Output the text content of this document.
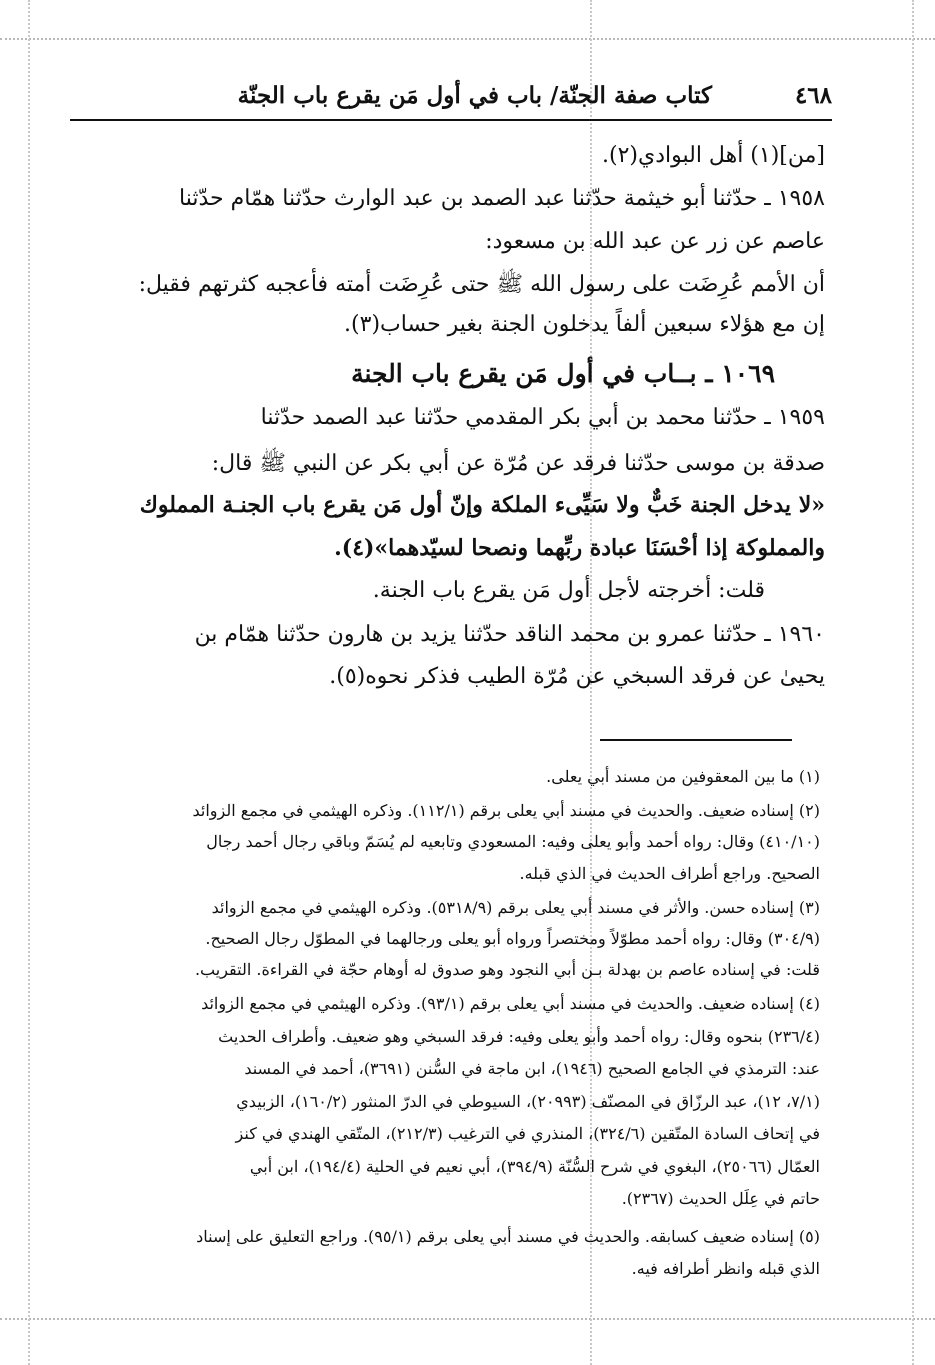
كتاب صفة الجنّة/ باب في أول مَن يقرع باب الجنّة	٤٦٨
[من](١) أهل البوادي(٢).
١٩٥٨ ـ حدّثنا أبو خيثمة حدّثنا عبد الصمد بن عبد الوارث حدّثنا همّام حدّثنا
عاصم عن زر عن عبد الله بن مسعود:
أن الأمم عُرِضَت على رسول الله ﷺ حتى عُرِضَت أمته فأعجبه كثرتهم فقيل:
إن مع هؤلاء سبعين ألفاً يدخلون الجنة بغير حساب(٣).
١٠٦٩ ـ بــاب في أول مَن يقرع باب الجنة
١٩٥٩ ـ حدّثنا محمد بن أبي بكر المقدمي حدّثنا عبد الصمد حدّثنا
صدقة بن موسى حدّثنا فرقد عن مُرّة عن أبي بكر عن النبي ﷺ قال:
«لا يدخل الجنة خَبٌّ ولا سَيِّىء الملكة وإنّ أول مَن يقرع باب الجنـة المملوك
والمملوكة إذا أحْسَنَا عبادة ربِّهما ونصحا لسيّدهما»(٤).
قلت: أخرجته لأجل أول مَن يقرع باب الجنة.
١٩٦٠ ـ حدّثنا عمرو بن محمد الناقد حدّثنا يزيد بن هارون حدّثنا همّام بن
يحيىٰ عن فرقد السبخي عن مُرّة الطيب فذكر نحوه(٥).
(١) ما بين المعقوفين من مسند أبي يعلى.
(٢) إسناده ضعيف. والحديث في مسند أبي يعلى برقم (١١٢/١). وذكره الهيثمي في مجمع الزوائد
(٤١٠/١٠) وقال: رواه أحمد وأبو يعلى وفيه: المسعودي وتابعيه لم يُسَمّ وباقي رجال أحمد رجال
الصحيح. وراجع أطراف الحديث في الذي قبله.
(٣) إسناده حسن. والأثر في مسند أبي يعلى برقم (٥٣١٨/٩). وذكره الهيثمي في مجمع الزوائد
(٣٠٤/٩) وقال: رواه أحمد مطوّلاً ومختصراً ورواه أبو يعلى ورجالهما في المطوّل رجال الصحيح.
قلت: في إسناده عاصم بن بهدلة بـن أبي النجود وهو صدوق له أوهام حجّة في القراءة. التقريب.
(٤) إسناده ضعيف. والحديث في مسند أبي يعلى برقم (٩٣/١). وذكره الهيثمي في مجمع الزوائد
(٢٣٦/٤) بنحوه وقال: رواه أحمد وأبو يعلى وفيه: فرقد السبخي وهو ضعيف. وأطراف الحديث
عند: الترمذي في الجامع الصحيح (١٩٤٦)، ابن ماجة في السُّنن (٣٦٩١)، أحمد في المسند
(٧/١، ١٢)، عبد الرزّاق في المصنّف (٢٠٩٩٣)، السيوطي في الدرّ المنثور (١٦٠/٢)، الزبيدي
في إتحاف السادة المتّقين (٣٢٤/٦)، المنذري في الترغيب (٢١٢/٣)، المتّقي الهندي في كنز
العمّال (٢٥٠٦٦)، البغوي في شرح السُّنّة (٣٩٤/٩)، أبي نعيم في الحلية (١٩٤/٤)، ابن أبي
حاتم في عِلَل الحديث (٢٣٦٧).
(٥) إسناده ضعيف كسابقه. والحديث في مسند أبي يعلى برقم (٩٥/١). وراجع التعليق على إسناد
الذي قبله وانظر أطرافه فيه.
